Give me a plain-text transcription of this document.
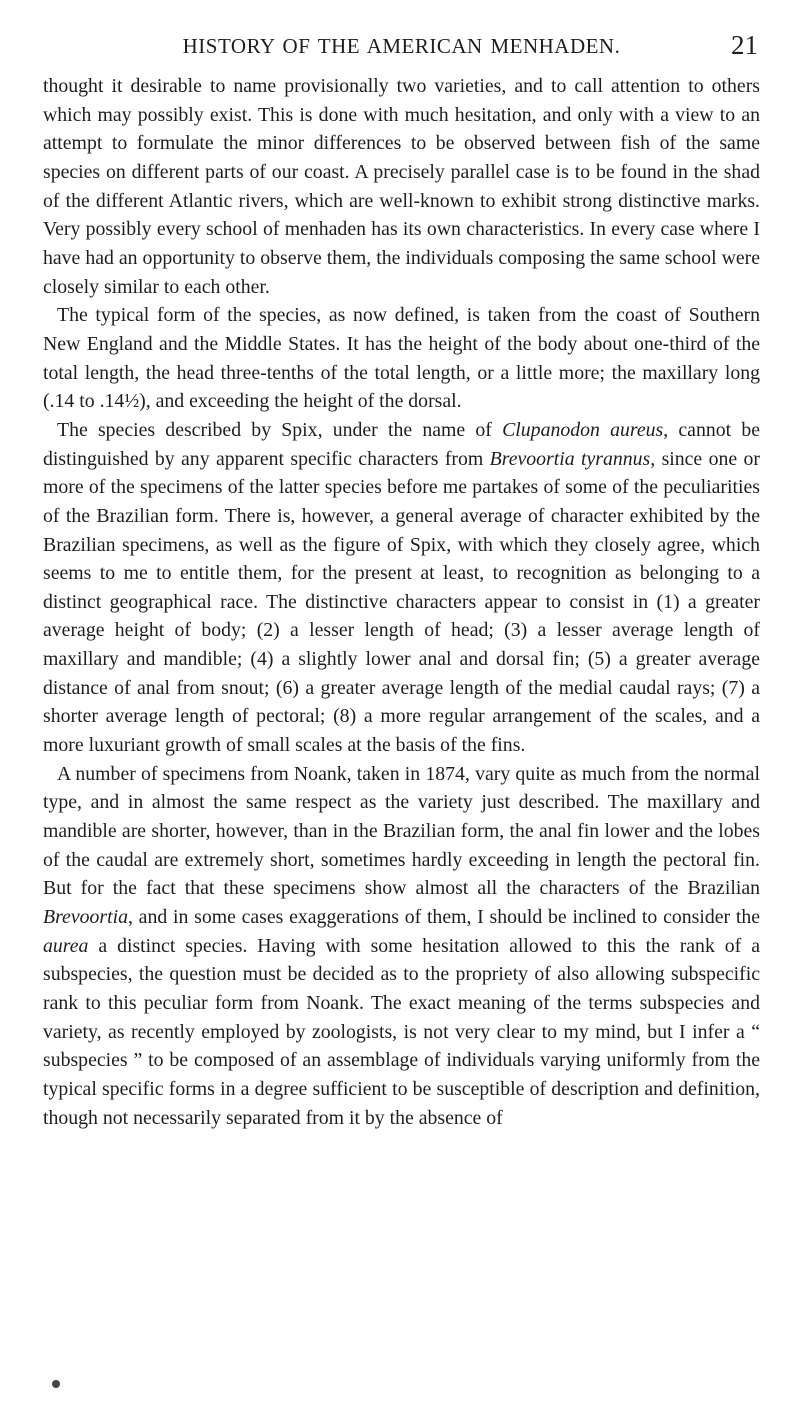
HISTORY OF THE AMERICAN MENHADEN.	21

thought it desirable to name provisionally two varieties, and to call attention to others which may possibly exist. This is done with much hesitation, and only with a view to an attempt to formulate the minor differences to be observed between fish of the same species on different parts of our coast. A precisely parallel case is to be found in the shad of the different Atlantic rivers, which are well-known to exhibit strong distinctive marks. Very possibly every school of menhaden has its own characteristics. In every case where I have had an opportunity to observe them, the individuals composing the same school were closely similar to each other.

The typical form of the species, as now defined, is taken from the coast of Southern New England and the Middle States. It has the height of the body about one-third of the total length, the head three-tenths of the total length, or a little more; the maxillary long (.14 to .14½), and exceeding the height of the dorsal.

The species described by Spix, under the name of Clupanodon aureus, cannot be distinguished by any apparent specific characters from Brevoortia tyrannus, since one or more of the specimens of the latter species before me partakes of some of the peculiarities of the Brazilian form. There is, however, a general average of character exhibited by the Brazilian specimens, as well as the figure of Spix, with which they closely agree, which seems to me to entitle them, for the present at least, to recognition as belonging to a distinct geographical race. The distinctive characters appear to consist in (1) a greater average height of body; (2) a lesser length of head; (3) a lesser average length of maxillary and mandible; (4) a slightly lower anal and dorsal fin; (5) a greater average distance of anal from snout; (6) a greater average length of the medial caudal rays; (7) a shorter average length of pectoral; (8) a more regular arrangement of the scales, and a more luxuriant growth of small scales at the basis of the fins.

A number of specimens from Noank, taken in 1874, vary quite as much from the normal type, and in almost the same respect as the variety just described. The maxillary and mandible are shorter, however, than in the Brazilian form, the anal fin lower and the lobes of the caudal are extremely short, sometimes hardly exceeding in length the pectoral fin. But for the fact that these specimens show almost all the characters of the Brazilian Brevoortia, and in some cases exaggerations of them, I should be inclined to consider the aurea a distinct species. Having with some hesitation allowed to this the rank of a subspecies, the question must be decided as to the propriety of also allowing subspecific rank to this peculiar form from Noank. The exact meaning of the terms subspecies and variety, as recently employed by zoologists, is not very clear to my mind, but I infer a “ subspecies ” to be composed of an assemblage of individuals varying uniformly from the typical specific forms in a degree sufficient to be susceptible of description and definition, though not necessarily separated from it by the absence of
